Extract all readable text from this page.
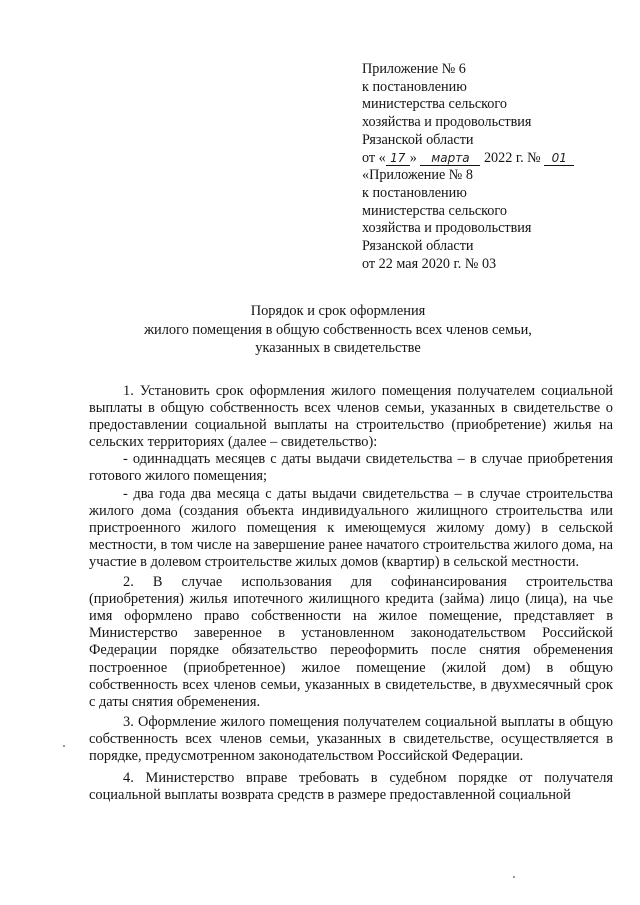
Приложение № 6
к постановлению
министерства сельского
хозяйства и продовольствия
Рязанской области
от « 17 » марта 2022 г. № 01
«Приложение № 8
к постановлению
министерства сельского
хозяйства и продовольствия
Рязанской области
от 22 мая 2020 г. № 03
Порядок и срок оформления
жилого помещения в общую собственность всех членов семьи,
указанных в свидетельстве

1. Установить срок оформления жилого помещения получателем социальной выплаты в общую собственность всех членов семьи, указанных в свидетельстве о предоставлении социальной выплаты на строительство (приобретение) жилья на сельских территориях (далее – свидетельство):

- одиннадцать месяцев с даты выдачи свидетельства – в случае приобретения готового жилого помещения;

- два года два месяца с даты выдачи свидетельства – в случае строительства жилого дома (создания объекта индивидуального жилищного строительства или пристроенного жилого помещения к имеющемуся жилому дому) в сельской местности, в том числе на завершение ранее начатого строительства жилого дома, на участие в долевом строительстве жилых домов (квартир) в сельской местности.

2. В случае использования для софинансирования строительства (приобретения) жилья ипотечного жилищного кредита (займа) лицо (лица), на чье имя оформлено право собственности на жилое помещение, представляет в Министерство заверенное в установленном законодательством Российской Федерации порядке обязательство переоформить после снятия обременения построенное (приобретенное) жилое помещение (жилой дом) в общую собственность всех членов семьи, указанных в свидетельстве, в двухмесячный срок с даты снятия обременения.

3. Оформление жилого помещения получателем социальной выплаты в общую собственность всех членов семьи, указанных в свидетельстве, осуществляется в порядке, предусмотренном законодательством Российской Федерации.

4. Министерство вправе требовать в судебном порядке от получателя социальной выплаты возврата средств в размере предоставленной социальной
